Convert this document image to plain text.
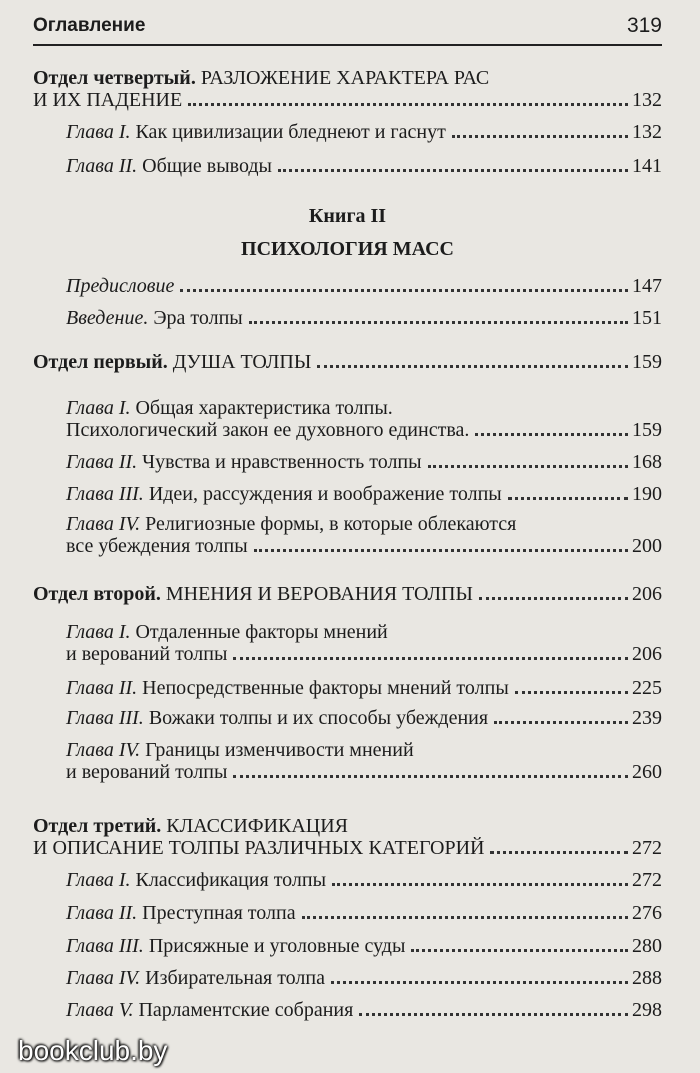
Оглавление	319
Отдел четвертый. РАЗЛОЖЕНИЕ ХАРАКТЕРА РАС
И ИХ ПАДЕНИЕ	132
Глава I. Как цивилизации бледнеют и гаснут	132
Глава II. Общие выводы	141
Книга II
ПСИХОЛОГИЯ МАСС
Предисловие	147
Введение. Эра толпы	151
Отдел первый. ДУША ТОЛПЫ	159
Глава I. Общая характеристика толпы.
Психологический закон ее духовного единства.	159
Глава II. Чувства и нравственность толпы	168
Глава III. Идеи, рассуждения и воображение толпы	190
Глава IV. Религиозные формы, в которые облекаются
все убеждения толпы	200
Отдел второй. МНЕНИЯ И ВЕРОВАНИЯ ТОЛПЫ	206
Глава I. Отдаленные факторы мнений
и верований толпы	206
Глава II. Непосредственные факторы мнений толпы	225
Глава III. Вожаки толпы и их способы убеждения	239
Глава IV. Границы изменчивости мнений
и верований толпы	260
Отдел третий. КЛАССИФИКАЦИЯ
И ОПИСАНИЕ ТОЛПЫ РАЗЛИЧНЫХ КАТЕГОРИЙ	272
Глава I. Классификация толпы	272
Глава II. Преступная толпа	276
Глава III. Присяжные и уголовные суды	280
Глава IV. Избирательная толпа	288
Глава V. Парламентские собрания	298
bookclub.by
